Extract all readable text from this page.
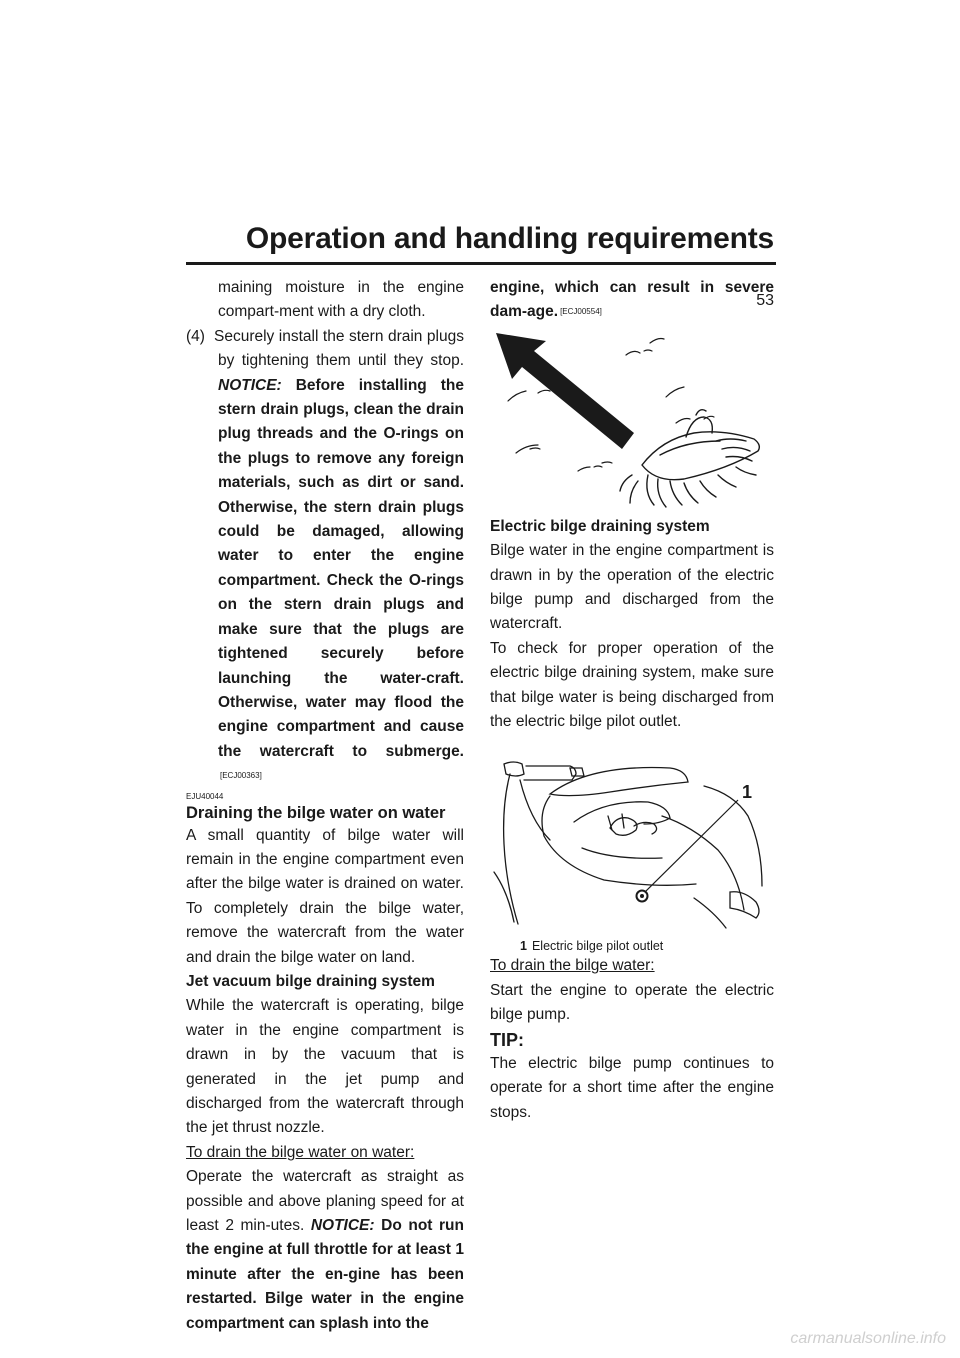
Operation and handling requirements
53

maining moisture in the engine compart-ment with a dry cloth.

(4) Securely install the stern drain plugs by tightening them until they stop. NOTICE: Before installing the stern drain plugs, clean the drain plug threads and the O-rings on the plugs to remove any foreign materials, such as dirt or sand. Otherwise, the stern drain plugs could be damaged, allowing water to enter the engine compartment. Check the O-rings on the stern drain plugs and make sure that the plugs are tightened securely before launching the water-craft. Otherwise, water may flood the engine compartment and cause the watercraft to submerge.[ECJ00363]

EJU40044

Draining the bilge water on water

A small quantity of bilge water will remain in the engine compartment even after the bilge water is drained on water. To completely drain the bilge water, remove the watercraft from the water and drain the bilge water on land.

Jet vacuum bilge draining system

While the watercraft is operating, bilge water in the engine compartment is drawn in by the vacuum that is generated in the jet pump and discharged from the watercraft through the jet thrust nozzle.

To drain the bilge water on water:

Operate the watercraft as straight as possible and above planing speed for at least 2 min-utes. NOTICE: Do not run the engine at full throttle for at least 1 minute after the en-gine has been restarted. Bilge water in the engine compartment can splash into the

engine, which can result in severe dam-age. [ECJ00554]

Electric bilge draining system

Bilge water in the engine compartment is drawn in by the operation of the electric bilge pump and discharged from the watercraft.

To check for proper operation of the electric bilge draining system, make sure that bilge water is being discharged from the electric bilge pilot outlet.

1

1 Electric bilge pilot outlet

To drain the bilge water:

Start the engine to operate the electric bilge pump.

TIP:

The electric bilge pump continues to operate for a short time after the engine stops.

carmanualsonline.info
